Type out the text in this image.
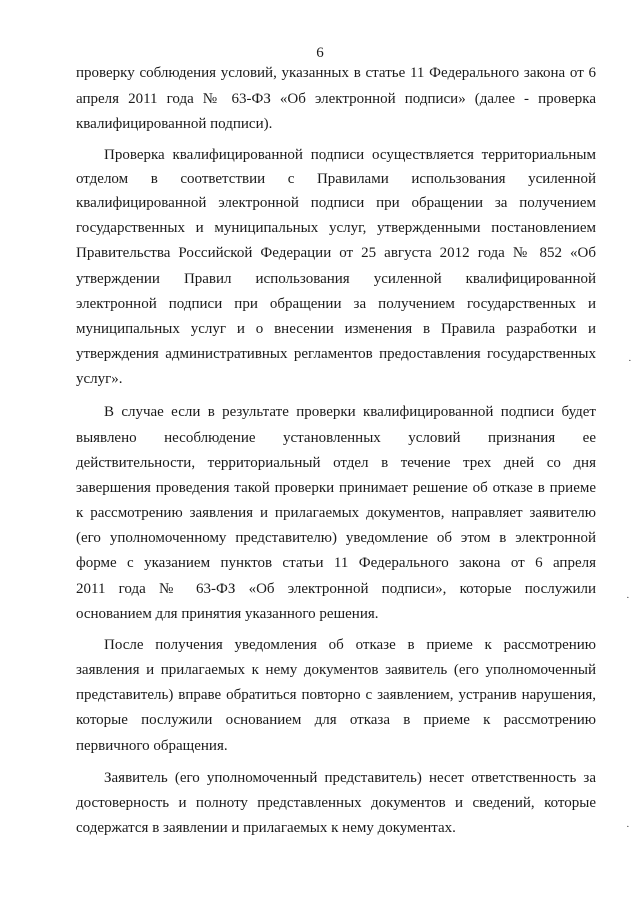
6
проверку соблюдения условий, указанных в статье 11 Федерального закона от 6
апреля 2011 года № 63-ФЗ «Об электронной подписи» (далее - проверка
квалифицированной подписи).
Проверка квалифицированной подписи осуществляется территориальным
отделом в соответствии с Правилами использования усиленной
квалифицированной электронной подписи при обращении за получением
государственных и муниципальных услуг, утвержденными постановлением
Правительства Российской Федерации от 25 августа 2012 года № 852 «Об
утверждении Правил использования усиленной квалифицированной
электронной подписи при обращении за получением государственных и
муниципальных услуг и о внесении изменения в Правила разработки и
утверждения административных регламентов предоставления государственных
услуг».
В случае если в результате проверки квалифицированной подписи будет
выявлено несоблюдение установленных условий признания ее
действительности, территориальный отдел в течение трех дней со дня
завершения проведения такой проверки принимает решение об отказе в приеме
к рассмотрению заявления и прилагаемых документов, направляет заявителю
(его уполномоченному представителю) уведомление об этом в электронной
форме с указанием пунктов статьи 11 Федерального закона от 6 апреля
2011 года № 63-ФЗ «Об электронной подписи», которые послужили
основанием для принятия указанного решения.
После получения уведомления об отказе в приеме к рассмотрению
заявления и прилагаемых к нему документов заявитель (его уполномоченный
представитель) вправе обратиться повторно с заявлением, устранив нарушения,
которые послужили основанием для отказа в приеме к рассмотрению
первичного обращения.
Заявитель (его уполномоченный представитель) несет ответственность за
достоверность и полноту представленных документов и сведений, которые
содержатся в заявлении и прилагаемых к нему документах.
·
·
·
